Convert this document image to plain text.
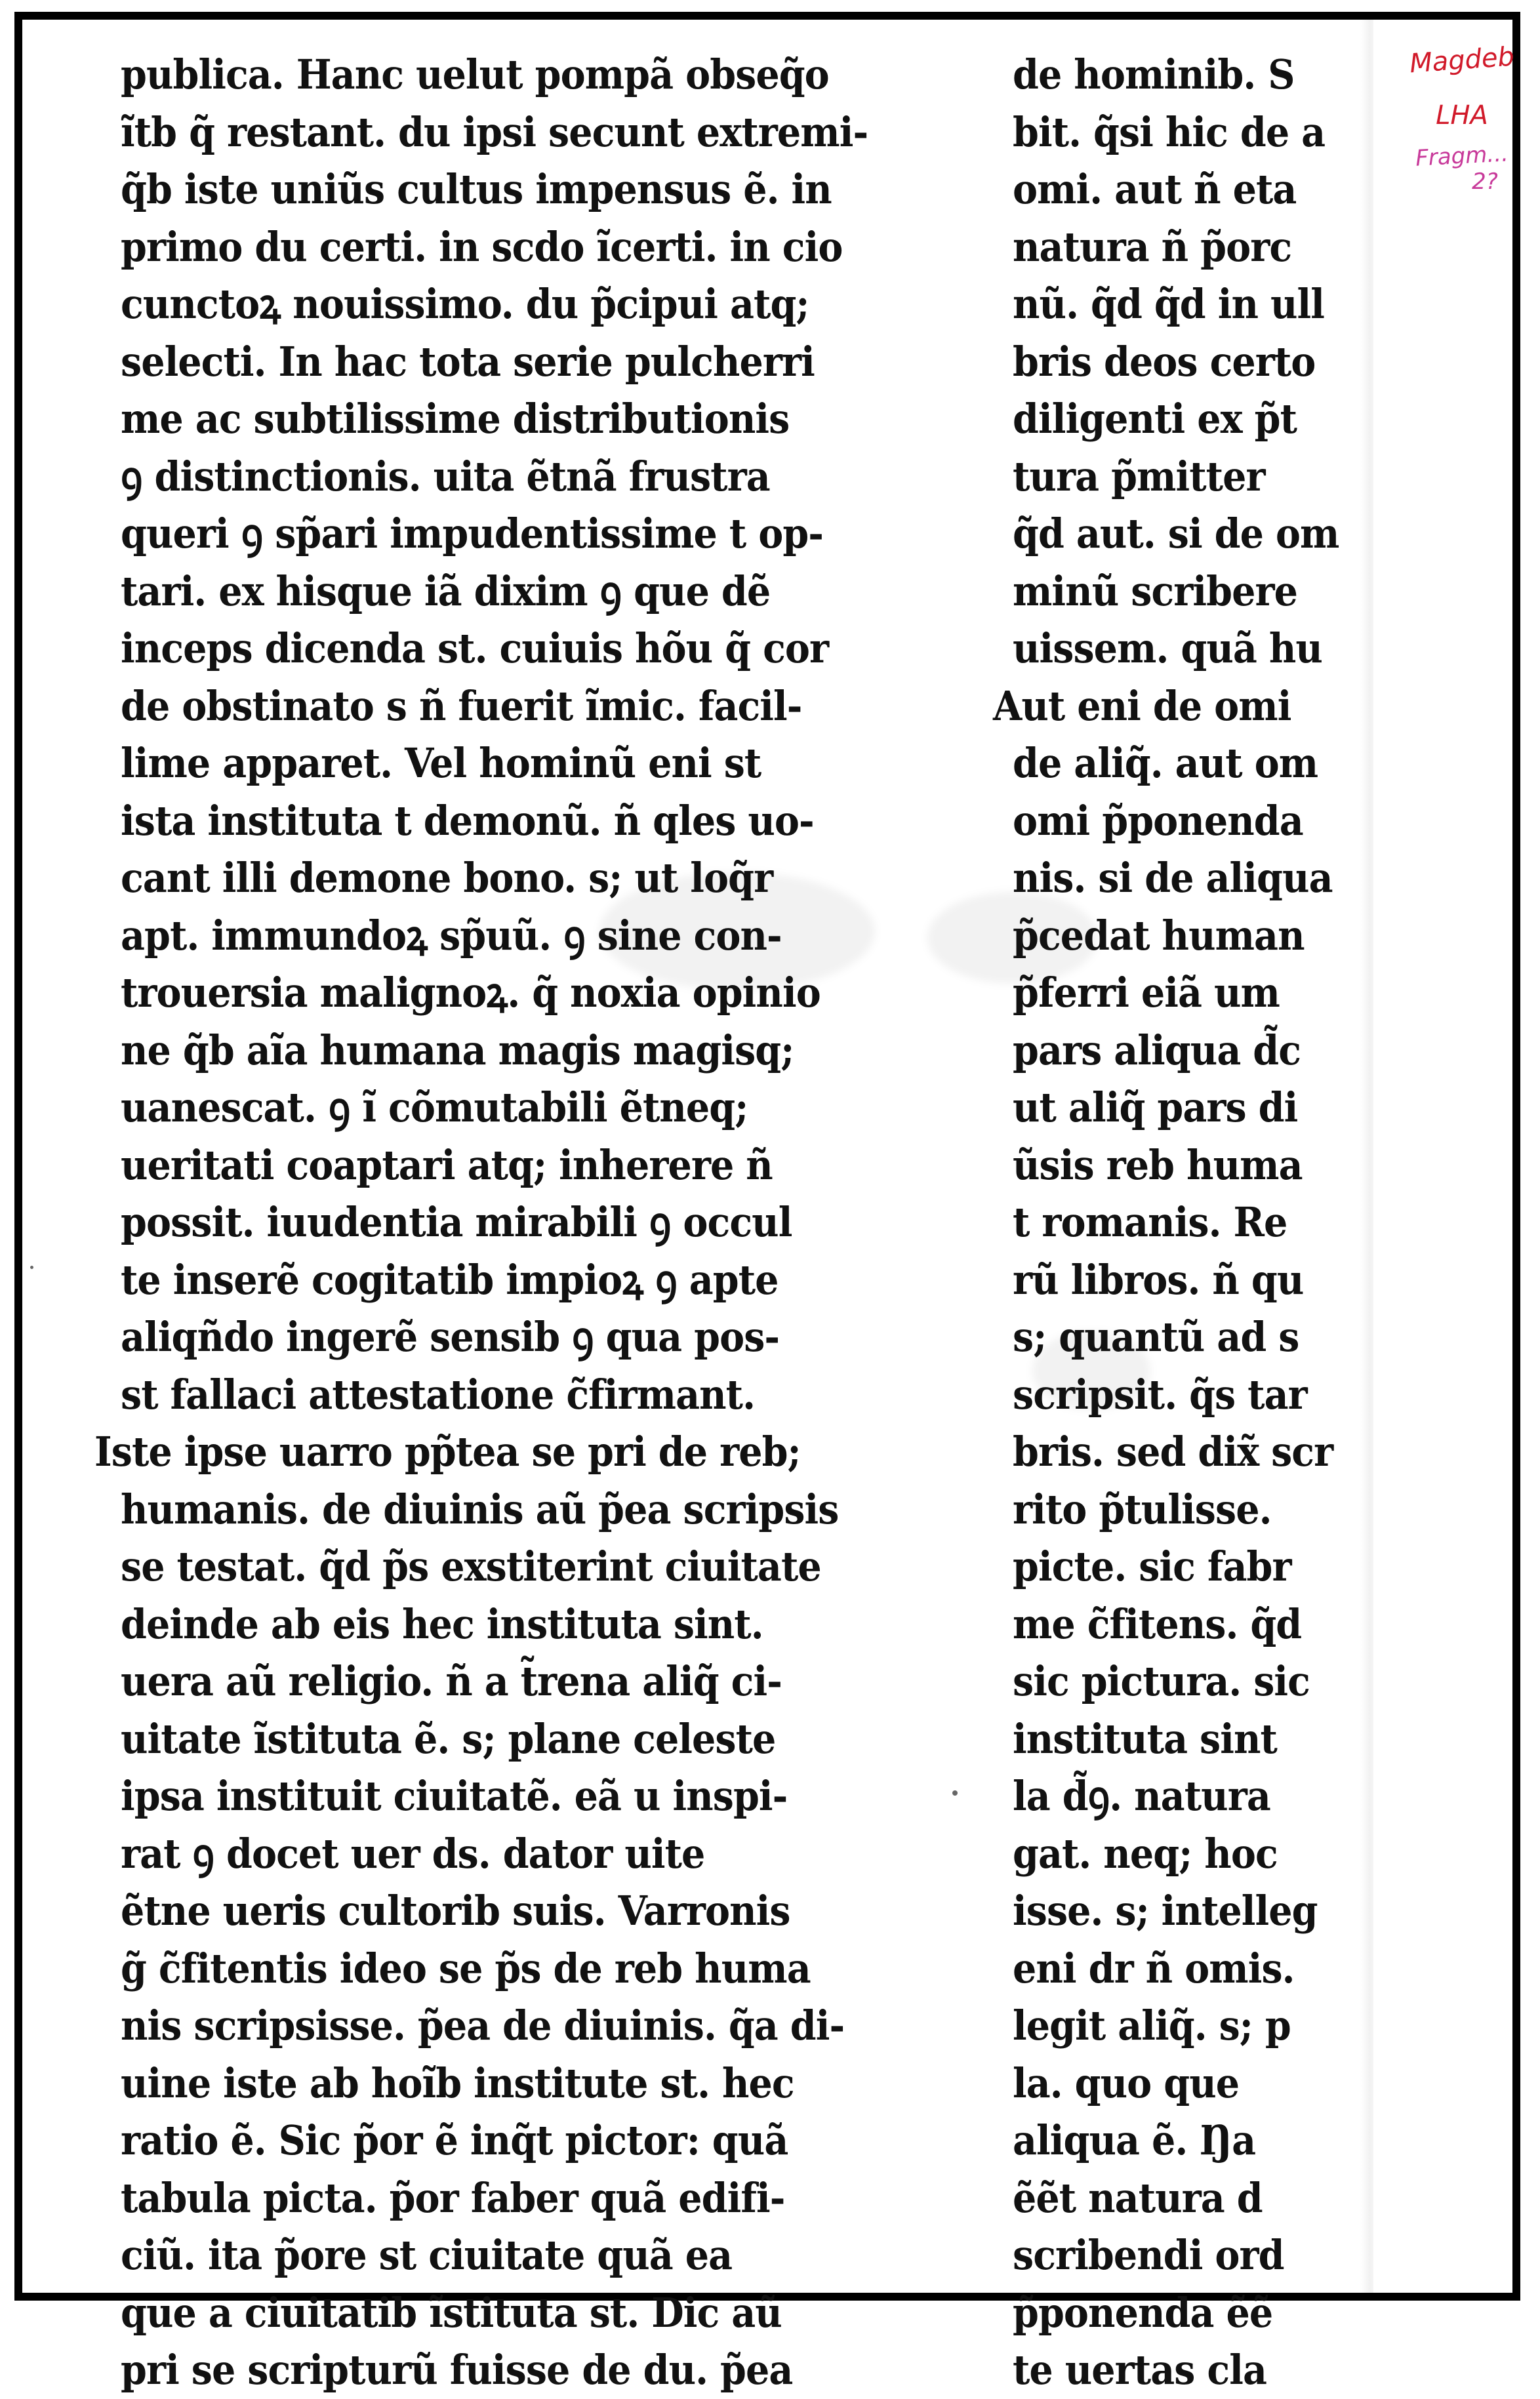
publica. Hanc uelut pompã obseq̃o
ĩtb q̃ restant. du ipsi secunt extremi-
q̃b iste uniũs cultus impensus ẽ. in
primo du certi. in scdo ĩcerti. in cio
cunctoꝝ nouissimo. du p̃cipui atq;
selecti. In hac tota serie pulcherri
me ac subtilissime distributionis
ꝯ distinctionis. uita ẽtnã frustra
queri ꝯ sp̃ari impudentissime t op-
tari. ex hisque iã dixim ꝯ que dẽ
inceps dicenda st. cuiuis hõu q̃ cor
de obstinato s ñ fuerit ĩmic. facil-
lime apparet. Vel hominũ eni st
ista instituta t demonũ. ñ qles uo-
cant illi demone bono. s; ut loq̃r
apt. immundoꝝ sp̃uũ. ꝯ sine con-
trouersia malignoꝝ. q̃ noxia opinio
ne q̃b aĩa humana magis magisq;
uanescat. ꝯ ĩ cõmutabili ẽtneq;
ueritati coaptari atq; inherere ñ
possit. iuudentia mirabili ꝯ occul
te inserẽ cogitatib impioꝝ ꝯ apte
aliqñdo ingerẽ sensib ꝯ qua pos-
st fallaci attestatione c̃firmant.
Iste ipse uarro pp̃tea se pri de reb;
humanis. de diuinis aũ p̃ea scripsis
se testat. q̃d p̃s exstiterint ciuitate
deinde ab eis hec instituta sint.
uera aũ religio. ñ a t̃rena aliq̃ ci-
uitate ĩstituta ẽ. s; plane celeste
ipsa instituit ciuitatẽ. eã u inspi-
rat ꝯ docet uer ds. dator uite
ẽtne ueris cultorib suis. Varronis
g̃ c̃fitentis ideo se p̃s de reb huma
nis scripsisse. p̃ea de diuinis. q̃a di-
uine iste ab hoĩb institute st. hec
ratio ẽ. Sic p̃or ẽ inq̃t pictor: quã
tabula picta. p̃or faber quã edifi-
ciũ. ita p̃ore st ciuitate quã ea
que a ciuitatib ĩstituta st. Dic aũ
pri se scripturũ fuisse de du. p̃ea
de hominib. S
bit. q̃si hic de a
omi. aut ñ eta
natura ñ p̃orc
nũ. q̃d q̃d in ull
bris deos certo
diligenti ex p̃t
tura p̃mitter
q̃d aut. si de om
minũ scribere
uissem. quã hu
Aut eni de omi
de aliq̃. aut om
omi p̃ponenda
nis. si de aliqua
p̃cedat human
p̃ferri eiã um
pars aliqua d̃c
ut aliq̃ pars di
ũsis reb huma
t romanis. Re
rũ libros. ñ qu
s; quantũ ad s
scripsit. q̃s tar
bris. sed dix̃ scr
rito p̃tulisse.
picte. sic fabr
me c̃fitens. q̃d
sic pictura. sic
instituta sint
la d̃ꝯ. natura
gat. neq; hoc
isse. s; intelleg
eni dr ñ omis.
legit aliq̃. s; p
la. quo que
aliqua ẽ. Ŋa
ẽẽt natura d
scribendi ord
p̃ponenda ẽẽ
te uertas cla
Magdeb
LHA
Fragm...
2?
